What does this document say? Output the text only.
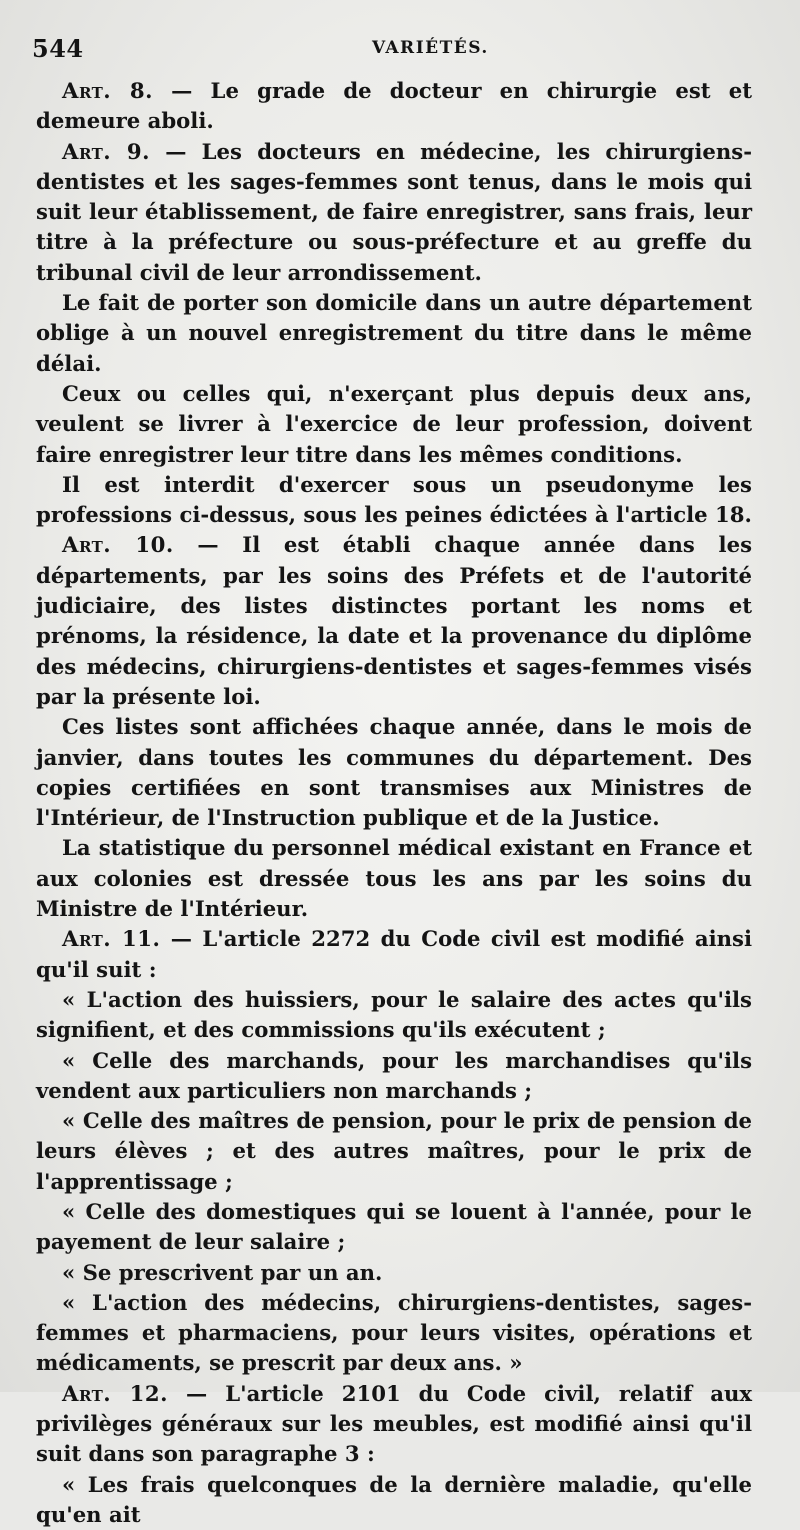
544	VARIÉTÉS.

Art. 8. — Le grade de docteur en chirurgie est et demeure aboli.

Art. 9. — Les docteurs en médecine, les chirurgiens-dentistes et les sages-femmes sont tenus, dans le mois qui suit leur établissement, de faire enregistrer, sans frais, leur titre à la préfecture ou sous-préfecture et au greffe du tribunal civil de leur arrondissement.

Le fait de porter son domicile dans un autre département oblige à un nouvel enregistrement du titre dans le même délai.

Ceux ou celles qui, n'exerçant plus depuis deux ans, veulent se livrer à l'exercice de leur profession, doivent faire enregistrer leur titre dans les mêmes conditions.

Il est interdit d'exercer sous un pseudonyme les professions ci-dessus, sous les peines édictées à l'article 18.

Art. 10. — Il est établi chaque année dans les départements, par les soins des Préfets et de l'autorité judiciaire, des listes distinctes portant les noms et prénoms, la résidence, la date et la provenance du diplôme des médecins, chirurgiens-dentistes et sages-femmes visés par la présente loi.

Ces listes sont affichées chaque année, dans le mois de janvier, dans toutes les communes du département. Des copies certifiées en sont transmises aux Ministres de l'Intérieur, de l'Instruction publique et de la Justice.

La statistique du personnel médical existant en France et aux colonies est dressée tous les ans par les soins du Ministre de l'Intérieur.

Art. 11. — L'article 2272 du Code civil est modifié ainsi qu'il suit :

« L'action des huissiers, pour le salaire des actes qu'ils signifient, et des commissions qu'ils exécutent ;

« Celle des marchands, pour les marchandises qu'ils vendent aux particuliers non marchands ;

« Celle des maîtres de pension, pour le prix de pension de leurs élèves ; et des autres maîtres, pour le prix de l'apprentissage ;

« Celle des domestiques qui se louent à l'année, pour le payement de leur salaire ;

« Se prescrivent par un an.

« L'action des médecins, chirurgiens-dentistes, sages-femmes et pharmaciens, pour leurs visites, opérations et médicaments, se prescrit par deux ans. »

Art. 12. — L'article 2101 du Code civil, relatif aux privilèges généraux sur les meubles, est modifié ainsi qu'il suit dans son paragraphe 3 :

« Les frais quelconques de la dernière maladie, qu'elle qu'en ait
